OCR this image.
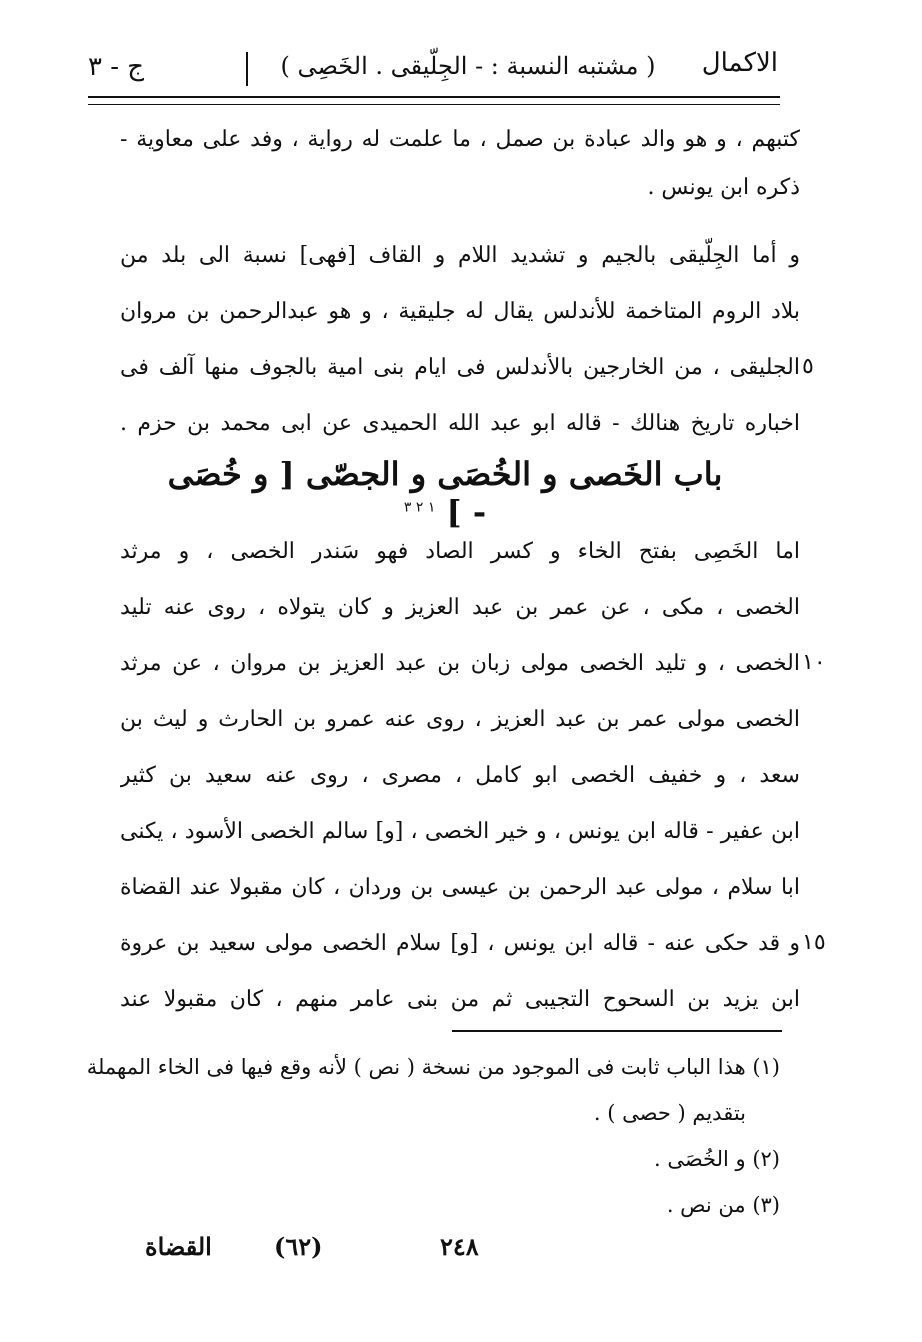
الاكمال
( مشتبه النسبة : - الجِلّيقى . الخَصِى )
ج - ٣
كتبهم ، و هو والد عبادة بن صمل ، ما علمت له رواية ، وفد على معاوية -
ذكره ابن يونس .
و أما الجِلّيقى بالجيم و تشديد اللام و القاف [فهى] نسبة الى بلد من
بلاد الروم المتاخمة للأندلس يقال له جليقية ، و هو عبدالرحمن بن مروان
الجليقى ، من الخارجين بالأندلس فى ايام بنى امية بالجوف منها آلف فى ٥
اخباره تاريخ هنالك - قاله ابو عبد الله الحميدى عن ابى محمد بن حزم .
اما الخَصِى بفتح الخاء و كسر الصاد فهو سَندر الخصى ، و مرثد
الخصى ، مكى ، عن عمر بن عبد العزيز و كان يتولاه ، روى عنه تليد
الخصى ، و تليد الخصى مولى زبان بن عبد العزيز بن مروان ، عن مرثد ١٠
الخصى مولى عمر بن عبد العزيز ، روى عنه عمرو بن الحارث و ليث بن
سعد ، و خفيف الخصى ابو كامل ، مصرى ، روى عنه سعيد بن كثير
ابن عفير - قاله ابن يونس ، و خير الخصى ، [و] سالم الخصى الأسود ، يكنى
ابا سلام ، مولى عبد الرحمن بن عيسى بن وردان ، كان مقبولا عند القضاة
و قد حكى عنه - قاله ابن يونس ، [و] سلام الخصى مولى سعيد بن عروة ١٥
ابن يزيد بن السحوح التجيبى ثم من بنى عامر منهم ، كان مقبولا عند
باب الخَصى و الخُصَى و الجصّى [ و خُصَى - ] $^{١ ٢ ٣}$
(١) هذا الباب ثابت فى الموجود من نسخة ( نص ) لأنه وقع فيها فى الخاء المهملة
بتقديم ( حصى ) .
(٢) و الخُصَى .
(٣) من نص .
القضاة	(٦٢)	٢٤٨
